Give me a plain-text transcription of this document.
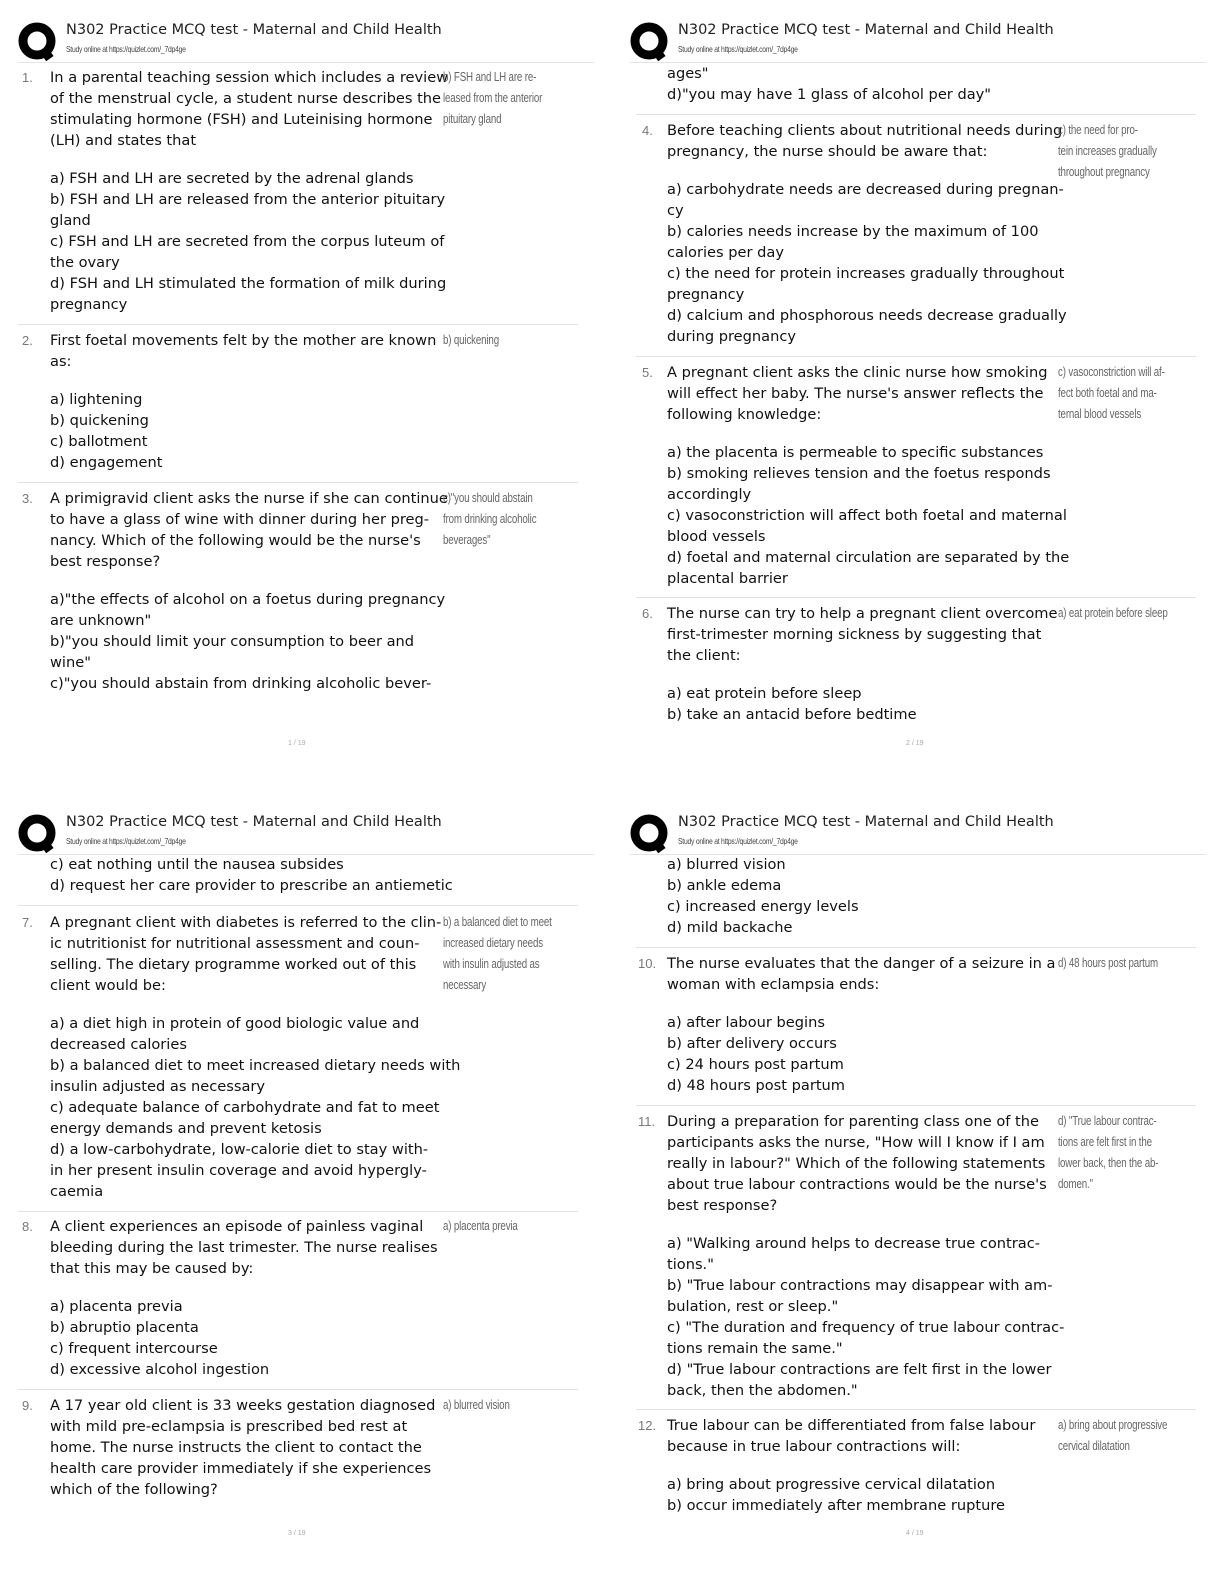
N302 Practice MCQ test - Maternal and Child Health
Study online at https://quizlet.com/_7dp4ge
1. In a parental teaching session which includes a review
of the menstrual cycle, a student nurse describes the
stimulating hormone (FSH) and Luteinising hormone
(LH) and states that
a) FSH and LH are secreted by the adrenal glands
b) FSH and LH are released from the anterior pituitary
gland
c) FSH and LH are secreted from the corpus luteum of
the ovary
d) FSH and LH stimulated the formation of milk during
pregnancy
b) FSH and LH are re-
leased from the anterior
pituitary gland
2. First foetal movements felt by the mother are known
as:
a) lightening
b) quickening
c) ballotment
d) engagement
b) quickening
3. A primigravid client asks the nurse if she can continue
to have a glass of wine with dinner during her preg-
nancy. Which of the following would be the nurse's
best response?
a)"the effects of alcohol on a foetus during pregnancy
are unknown"
b)"you should limit your consumption to beer and
wine"
c)"you should abstain from drinking alcoholic bever-
c)"you should abstain
from drinking alcoholic
beverages"
1 / 19
N302 Practice MCQ test - Maternal and Child Health
Study online at https://quizlet.com/_7dp4ge
ages"
d)"you may have 1 glass of alcohol per day"
4. Before teaching clients about nutritional needs during
pregnancy, the nurse should be aware that:
a) carbohydrate needs are decreased during pregnan-
cy
b) calories needs increase by the maximum of 100
calories per day
c) the need for protein increases gradually throughout
pregnancy
d) calcium and phosphorous needs decrease gradually
during pregnancy
c) the need for pro-
tein increases gradually
throughout pregnancy
5. A pregnant client asks the clinic nurse how smoking
will effect her baby. The nurse's answer reflects the
following knowledge:
a) the placenta is permeable to specific substances
b) smoking relieves tension and the foetus responds
accordingly
c) vasoconstriction will affect both foetal and maternal
blood vessels
d) foetal and maternal circulation are separated by the
placental barrier
c) vasoconstriction will af-
fect both foetal and ma-
ternal blood vessels
6. The nurse can try to help a pregnant client overcome
first-trimester morning sickness by suggesting that
the client:
a) eat protein before sleep
b) take an antacid before bedtime
a) eat protein before sleep
2 / 19
N302 Practice MCQ test - Maternal and Child Health
Study online at https://quizlet.com/_7dp4ge
c) eat nothing until the nausea subsides
d) request her care provider to prescribe an antiemetic
7. A pregnant client with diabetes is referred to the clin-
ic nutritionist for nutritional assessment and coun-
selling. The dietary programme worked out of this
client would be:
a) a diet high in protein of good biologic value and
decreased calories
b) a balanced diet to meet increased dietary needs with
insulin adjusted as necessary
c) adequate balance of carbohydrate and fat to meet
energy demands and prevent ketosis
d) a low-carbohydrate, low-calorie diet to stay with-
in her present insulin coverage and avoid hypergly-
caemia
b) a balanced diet to meet
increased dietary needs
with insulin adjusted as
necessary
8. A client experiences an episode of painless vaginal
bleeding during the last trimester. The nurse realises
that this may be caused by:
a) placenta previa
b) abruptio placenta
c) frequent intercourse
d) excessive alcohol ingestion
a) placenta previa
9. A 17 year old client is 33 weeks gestation diagnosed
with mild pre-eclampsia is prescribed bed rest at
home. The nurse instructs the client to contact the
health care provider immediately if she experiences
which of the following?
a) blurred vision
3 / 19
N302 Practice MCQ test - Maternal and Child Health
Study online at https://quizlet.com/_7dp4ge
a) blurred vision
b) ankle edema
c) increased energy levels
d) mild backache
10. The nurse evaluates that the danger of a seizure in a
woman with eclampsia ends:
a) after labour begins
b) after delivery occurs
c) 24 hours post partum
d) 48 hours post partum
d) 48 hours post partum
11. During a preparation for parenting class one of the
participants asks the nurse, "How will I know if I am
really in labour?" Which of the following statements
about true labour contractions would be the nurse's
best response?
a) "Walking around helps to decrease true contrac-
tions."
b) "True labour contractions may disappear with am-
bulation, rest or sleep."
c) "The duration and frequency of true labour contrac-
tions remain the same."
d) "True labour contractions are felt first in the lower
back, then the abdomen."
d) "True labour contrac-
tions are felt first in the
lower back, then the ab-
domen."
12. True labour can be differentiated from false labour
because in true labour contractions will:
a) bring about progressive cervical dilatation
b) occur immediately after membrane rupture
a) bring about progressive
cervical dilatation
4 / 19
